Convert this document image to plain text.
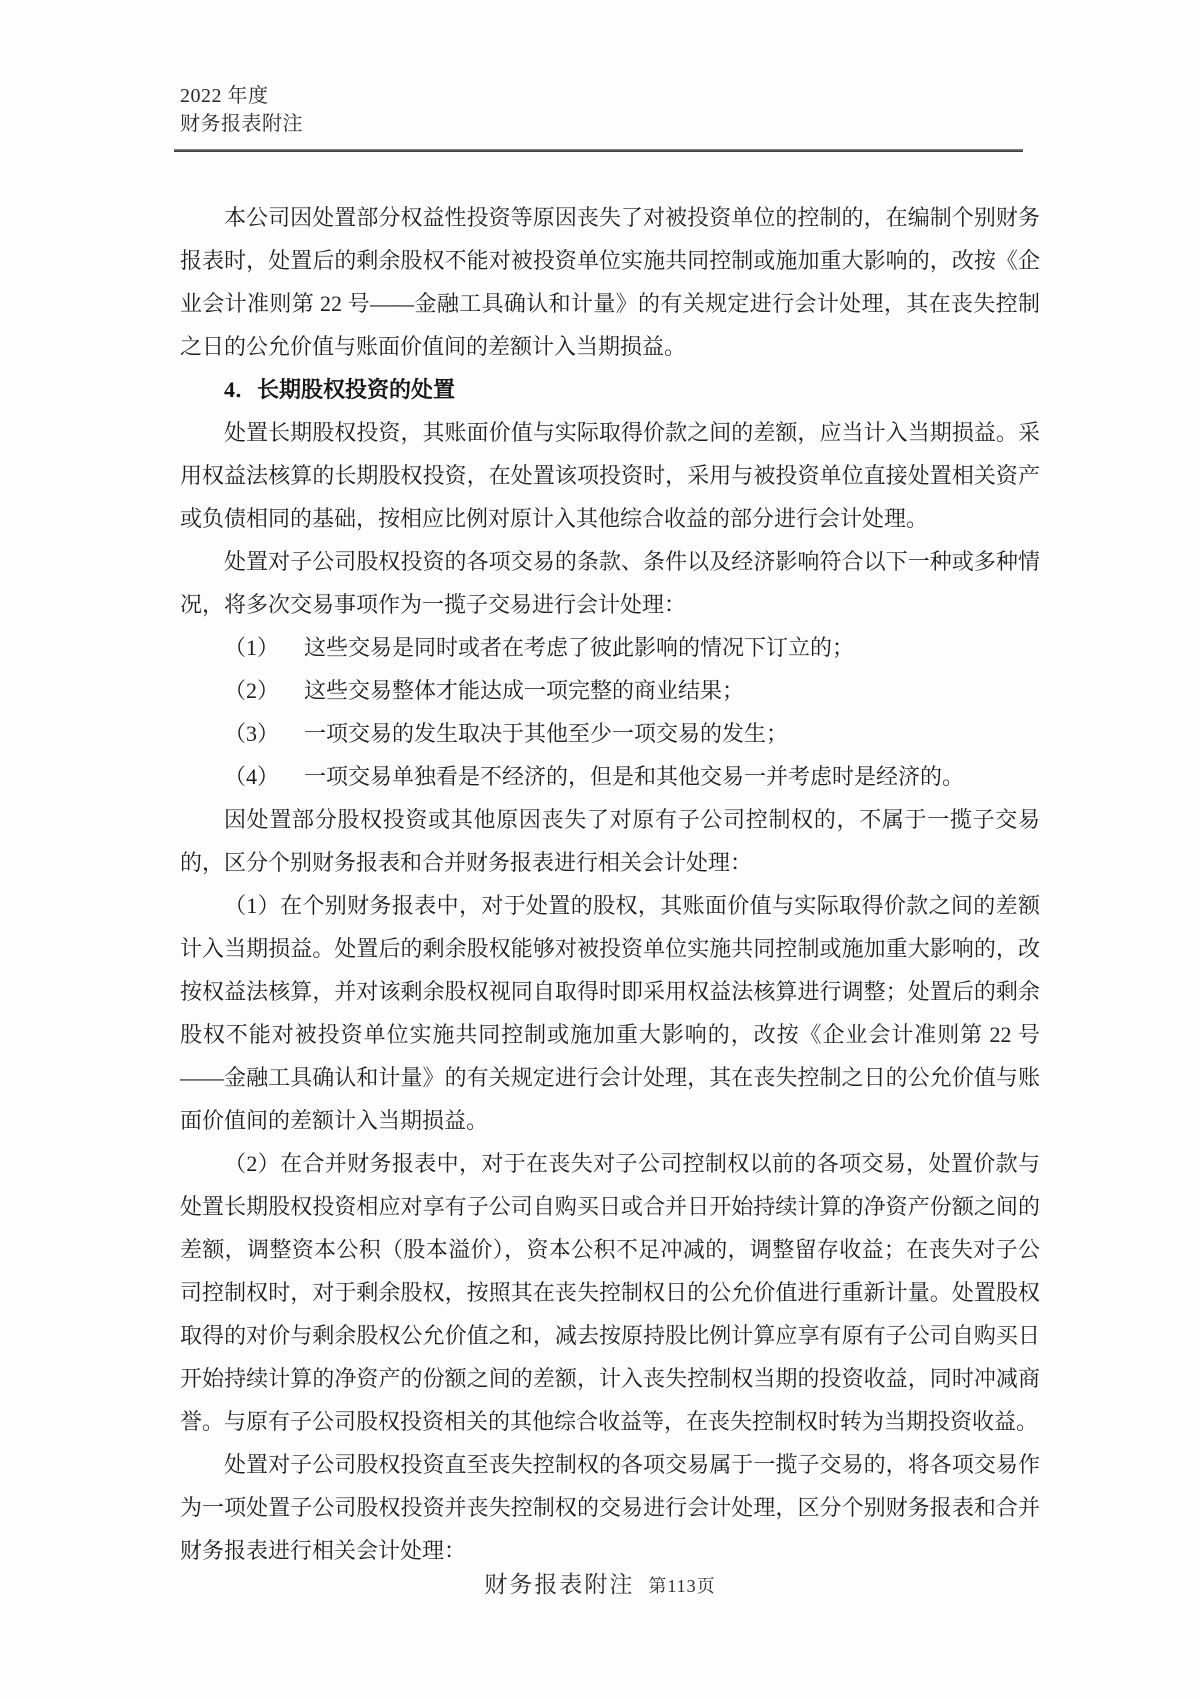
2022 年度
财务报表附注
本公司因处置部分权益性投资等原因丧失了对被投资单位的控制的，在编制个别财务报表时，处置后的剩余股权不能对被投资单位实施共同控制或施加重大影响的，改按《企业会计准则第 22 号——金融工具确认和计量》的有关规定进行会计处理，其在丧失控制之日的公允价值与账面价值间的差额计入当期损益。
4．长期股权投资的处置
处置长期股权投资，其账面价值与实际取得价款之间的差额，应当计入当期损益。采用权益法核算的长期股权投资，在处置该项投资时，采用与被投资单位直接处置相关资产或负债相同的基础，按相应比例对原计入其他综合收益的部分进行会计处理。
处置对子公司股权投资的各项交易的条款、条件以及经济影响符合以下一种或多种情况，将多次交易事项作为一揽子交易进行会计处理：
（1） 这些交易是同时或者在考虑了彼此影响的情况下订立的；
（2） 这些交易整体才能达成一项完整的商业结果；
（3） 一项交易的发生取决于其他至少一项交易的发生；
（4） 一项交易单独看是不经济的，但是和其他交易一并考虑时是经济的。
因处置部分股权投资或其他原因丧失了对原有子公司控制权的，不属于一揽子交易的，区分个别财务报表和合并财务报表进行相关会计处理：
（1）在个别财务报表中，对于处置的股权，其账面价值与实际取得价款之间的差额计入当期损益。处置后的剩余股权能够对被投资单位实施共同控制或施加重大影响的，改按权益法核算，并对该剩余股权视同自取得时即采用权益法核算进行调整；处置后的剩余股权不能对被投资单位实施共同控制或施加重大影响的，改按《企业会计准则第 22 号——金融工具确认和计量》的有关规定进行会计处理，其在丧失控制之日的公允价值与账面价值间的差额计入当期损益。
（2）在合并财务报表中，对于在丧失对子公司控制权以前的各项交易，处置价款与处置长期股权投资相应对享有子公司自购买日或合并日开始持续计算的净资产份额之间的差额，调整资本公积（股本溢价），资本公积不足冲减的，调整留存收益；在丧失对子公司控制权时，对于剩余股权，按照其在丧失控制权日的公允价值进行重新计量。处置股权取得的对价与剩余股权公允价值之和，减去按原持股比例计算应享有原有子公司自购买日开始持续计算的净资产的份额之间的差额，计入丧失控制权当期的投资收益，同时冲减商誉。与原有子公司股权投资相关的其他综合收益等，在丧失控制权时转为当期投资收益。
处置对子公司股权投资直至丧失控制权的各项交易属于一揽子交易的，将各项交易作为一项处置子公司股权投资并丧失控制权的交易进行会计处理，区分个别财务报表和合并财务报表进行相关会计处理：
财务报表附注 第113页
